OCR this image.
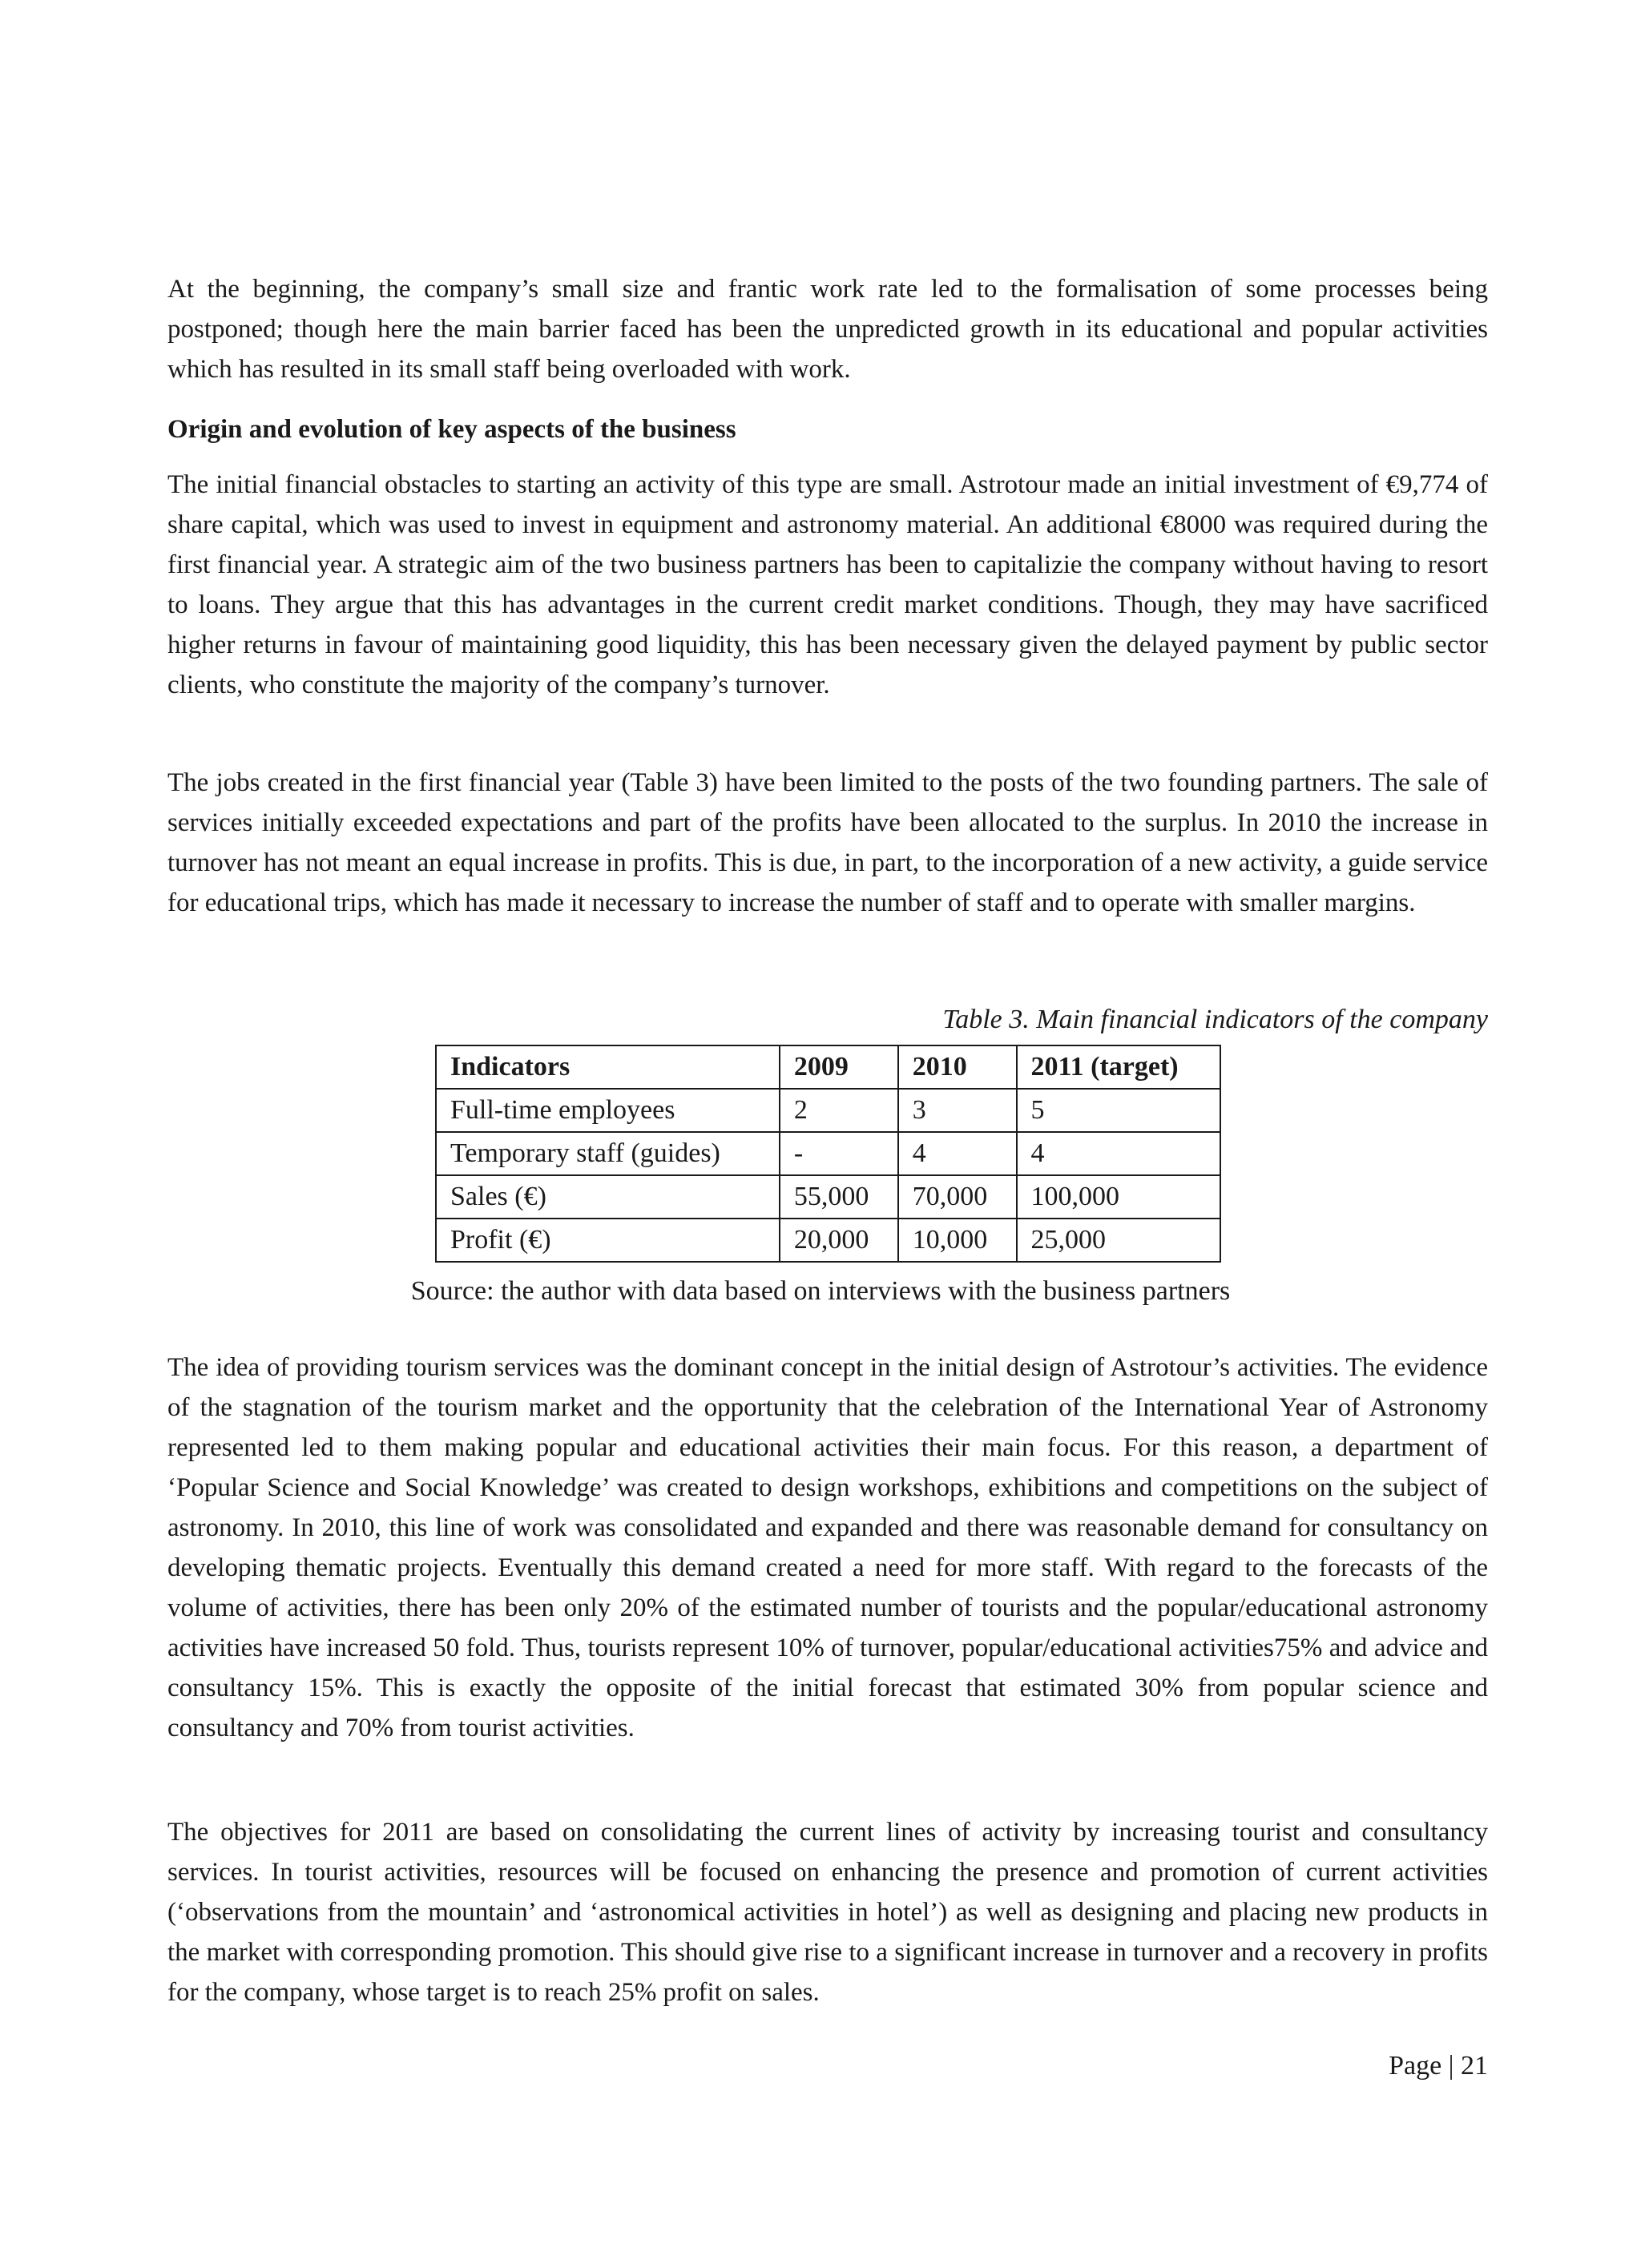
At the beginning, the company’s small size and frantic work rate led to the formalisation of some processes being postponed; though here the main barrier faced has been the unpredicted growth in its educational and popular activities which has resulted in its small staff being overloaded with work.

Origin and evolution of key aspects of the business

The initial financial obstacles to starting an activity of this type are small. Astrotour made an initial investment of €9,774 of share capital, which was used to invest in equipment and astronomy material. An additional €8000 was required during the first financial year. A strategic aim of the two business partners has been to capitalizie the company without having to resort to loans. They argue that this has advantages in the current credit market conditions. Though, they may have sacrificed higher returns in favour of maintaining good liquidity, this has been necessary given the delayed payment by public sector clients, who constitute the majority of the company’s turnover.

The jobs created in the first financial year (Table 3) have been limited to the posts of the two founding partners. The sale of services initially exceeded expectations and part of the profits have been allocated to the surplus. In 2010 the increase in turnover has not meant an equal increase in profits. This is due, in part, to the incorporation of a new activity, a guide service for educational trips, which has made it necessary to increase the number of staff and to operate with smaller margins.

Table 3. Main financial indicators of the company

Indicators	2009	2010	2011 (target)
Full-time employees	2	3	5
Temporary staff (guides)	-	4	4
Sales (€)	55,000	70,000	100,000
Profit (€)	20,000	10,000	25,000

Source: the author with data based on interviews with the business partners

The idea of providing tourism services was the dominant concept in the initial design of Astrotour’s activities. The evidence of the stagnation of the tourism market and the opportunity that the celebration of the International Year of Astronomy represented led to them making popular and educational activities their main focus. For this reason, a department of ‘Popular Science and Social Knowledge’ was created to design workshops, exhibitions and competitions on the subject of astronomy. In 2010, this line of work was consolidated and expanded and there was reasonable demand for consultancy on developing thematic projects. Eventually this demand created a need for more staff. With regard to the forecasts of the volume of activities, there has been only 20% of the estimated number of tourists and the popular/educational astronomy activities have increased 50 fold. Thus, tourists represent 10% of turnover, popular/educational activities75% and advice and consultancy 15%. This is exactly the opposite of the initial forecast that estimated 30% from popular science and consultancy and 70% from tourist activities.

The objectives for 2011 are based on consolidating the current lines of activity by increasing tourist and consultancy services. In tourist activities, resources will be focused on enhancing the presence and promotion of current activities (‘observations from the mountain’ and ‘astronomical activities in hotel’) as well as designing and placing new products in the market with corresponding promotion. This should give rise to a significant increase in turnover and a recovery in profits for the company, whose target is to reach 25% profit on sales.

Page | 21
